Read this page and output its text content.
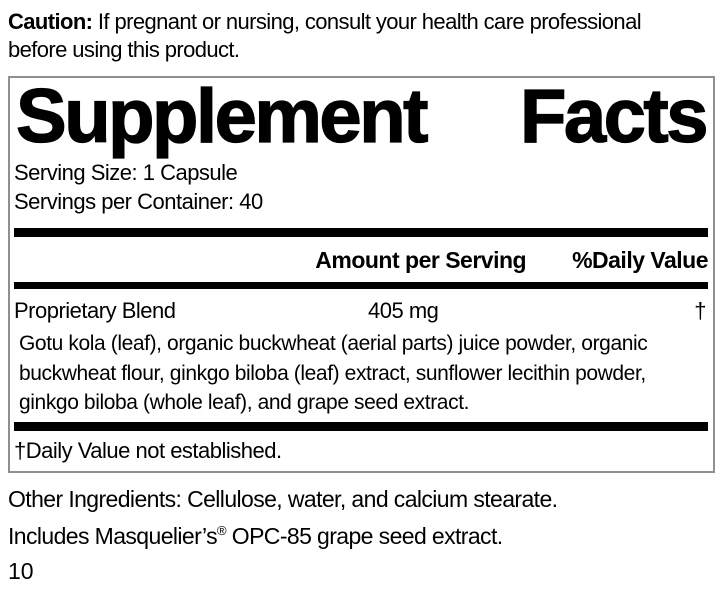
Caution: If pregnant or nursing, consult your health care professional
before using this product.
Supplement Facts
Serving Size: 1 Capsule
Servings per Container: 40
Amount per Serving %Daily Value
Proprietary Blend	405 mg	†
Gotu kola (leaf), organic buckwheat (aerial parts) juice powder, organic
buckwheat flour, ginkgo biloba (leaf) extract, sunflower lecithin powder,
ginkgo biloba (whole leaf), and grape seed extract.
†Daily Value not established.
Other Ingredients: Cellulose, water, and calcium stearate.
Includes Masquelier’s® OPC-85 grape seed extract.
10
